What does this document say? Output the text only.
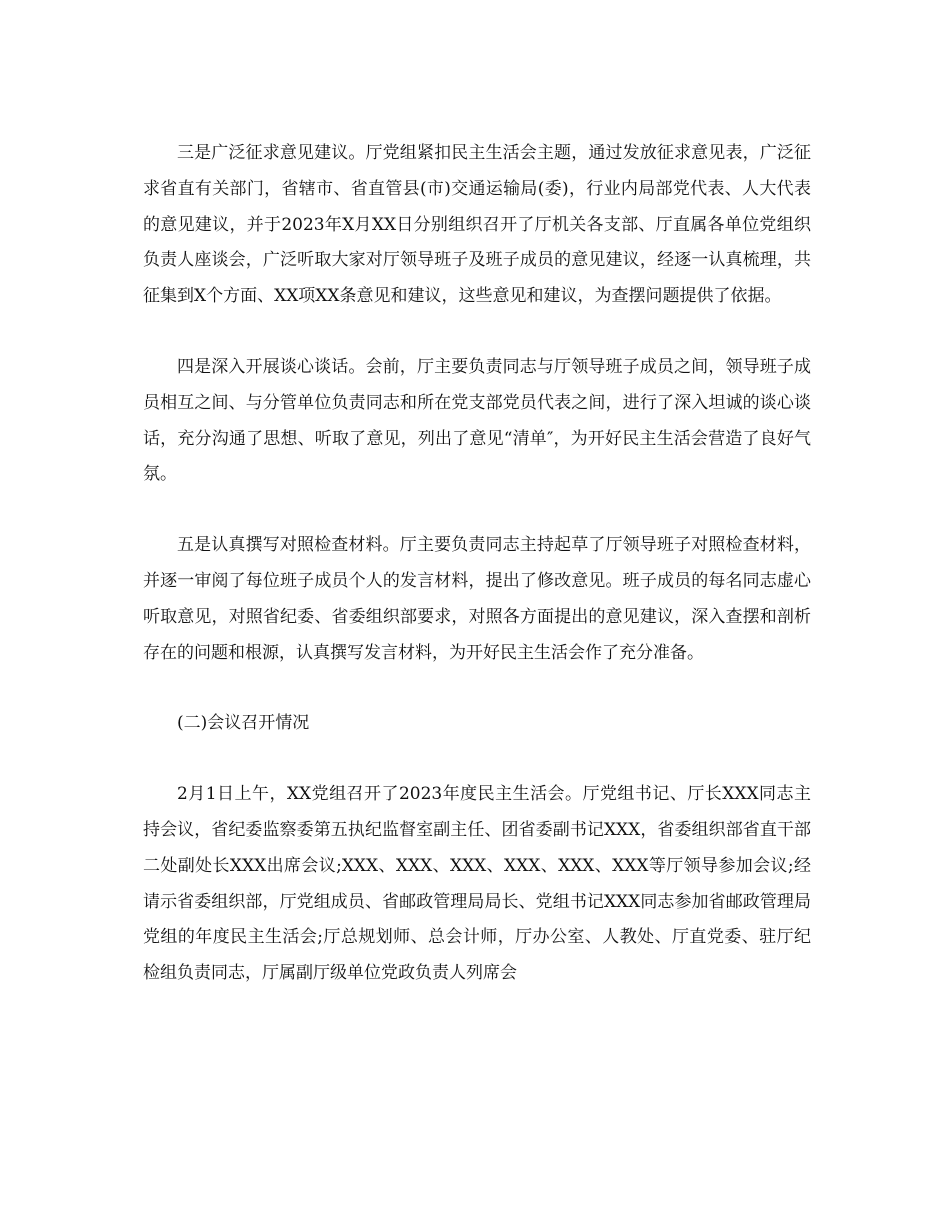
三是广泛征求意见建议。厅党组紧扣民主生活会主题，通过发放征求意见表，广泛征求省直有关部门，省辖市、省直管县(市)交通运输局(委)，行业内局部党代表、人大代表的意见建议，并于2023年X月XX日分别组织召开了厅机关各支部、厅直属各单位党组织负责人座谈会，广泛听取大家对厅领导班子及班子成员的意见建议，经逐一认真梳理，共征集到X个方面、XX项XX条意见和建议，这些意见和建议，为查摆问题提供了依据。

四是深入开展谈心谈话。会前，厅主要负责同志与厅领导班子成员之间，领导班子成员相互之间、与分管单位负责同志和所在党支部党员代表之间，进行了深入坦诚的谈心谈话，充分沟通了思想、听取了意见，列出了意见“清单″，为开好民主生活会营造了良好气氛。

五是认真撰写对照检查材料。厅主要负责同志主持起草了厅领导班子对照检查材料，并逐一审阅了每位班子成员个人的发言材料，提出了修改意见。班子成员的每名同志虚心听取意见，对照省纪委、省委组织部要求，对照各方面提出的意见建议，深入查摆和剖析存在的问题和根源，认真撰写发言材料，为开好民主生活会作了充分准备。

(二)会议召开情况

2月1日上午，XX党组召开了2023年度民主生活会。厅党组书记、厅长XXX同志主持会议，省纪委监察委第五执纪监督室副主任、团省委副书记XXX，省委组织部省直干部二处副处长XXX出席会议;XXX、XXX、XXX、XXX、XXX、XXX等厅领导参加会议;经请示省委组织部，厅党组成员、省邮政管理局局长、党组书记XXX同志参加省邮政管理局党组的年度民主生活会;厅总规划师、总会计师，厅办公室、人教处、厅直党委、驻厅纪检组负责同志，厅属副厅级单位党政负责人列席会
